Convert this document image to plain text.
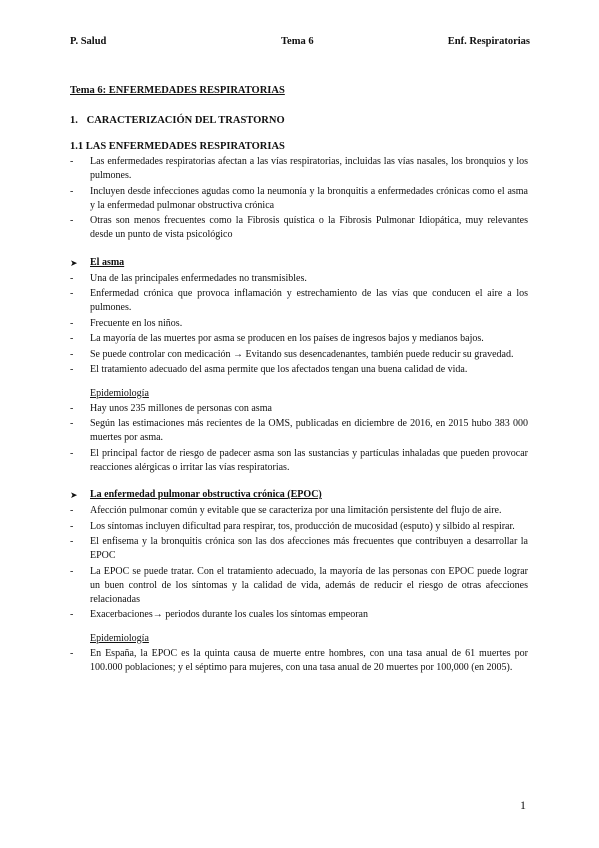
P. Salud	Tema 6	Enf. Respiratorias
Tema 6: ENFERMEDADES RESPIRATORIAS
1. CARACTERIZACIÓN DEL TRASTORNO
1.1 LAS ENFERMEDADES RESPIRATORIAS
- Las enfermedades respiratorias afectan a las vías respiratorias, incluidas las vías nasales, los bronquios y los pulmones.
- Incluyen desde infecciones agudas como la neumonía y la bronquitis a enfermedades crónicas como el asma y la enfermedad pulmonar obstructiva crónica
- Otras son menos frecuentes como la Fibrosis quística o la Fibrosis Pulmonar Idiopática, muy relevantes desde un punto de vista psicológico
➤ El asma
- Una de las principales enfermedades no transmisibles.
- Enfermedad crónica que provoca inflamación y estrechamiento de las vías que conducen el aire a los pulmones.
- Frecuente en los niños.
- La mayoría de las muertes por asma se producen en los países de ingresos bajos y medianos bajos.
- Se puede controlar con medicación → Evitando sus desencadenantes, también puede reducir su gravedad.
- El tratamiento adecuado del asma permite que los afectados tengan una buena calidad de vida.
Epidemiología
- Hay unos 235 millones de personas con asma
- Según las estimaciones más recientes de la OMS, publicadas en diciembre de 2016, en 2015 hubo 383 000 muertes por asma.
- El principal factor de riesgo de padecer asma son las sustancias y partículas inhaladas que pueden provocar reacciones alérgicas o irritar las vías respiratorias.
➤ La enfermedad pulmonar obstructiva crónica (EPOC)
- Afección pulmonar común y evitable que se caracteriza por una limitación persistente del flujo de aire.
- Los síntomas incluyen dificultad para respirar, tos, producción de mucosidad (esputo) y silbido al respirar.
- El enfisema y la bronquitis crónica son las dos afecciones más frecuentes que contribuyen a desarrollar la EPOC
- La EPOC se puede tratar. Con el tratamiento adecuado, la mayoría de las personas con EPOC puede lograr un buen control de los síntomas y la calidad de vida, además de reducir el riesgo de otras afecciones relacionadas
- Exacerbaciones→ periodos durante los cuales los síntomas empeoran
Epidemiología
- En España, la EPOC es la quinta causa de muerte entre hombres, con una tasa anual de 61 muertes por 100.000 poblaciones; y el séptimo para mujeres, con una tasa anual de 20 muertes por 100,000 (en 2005).
1
